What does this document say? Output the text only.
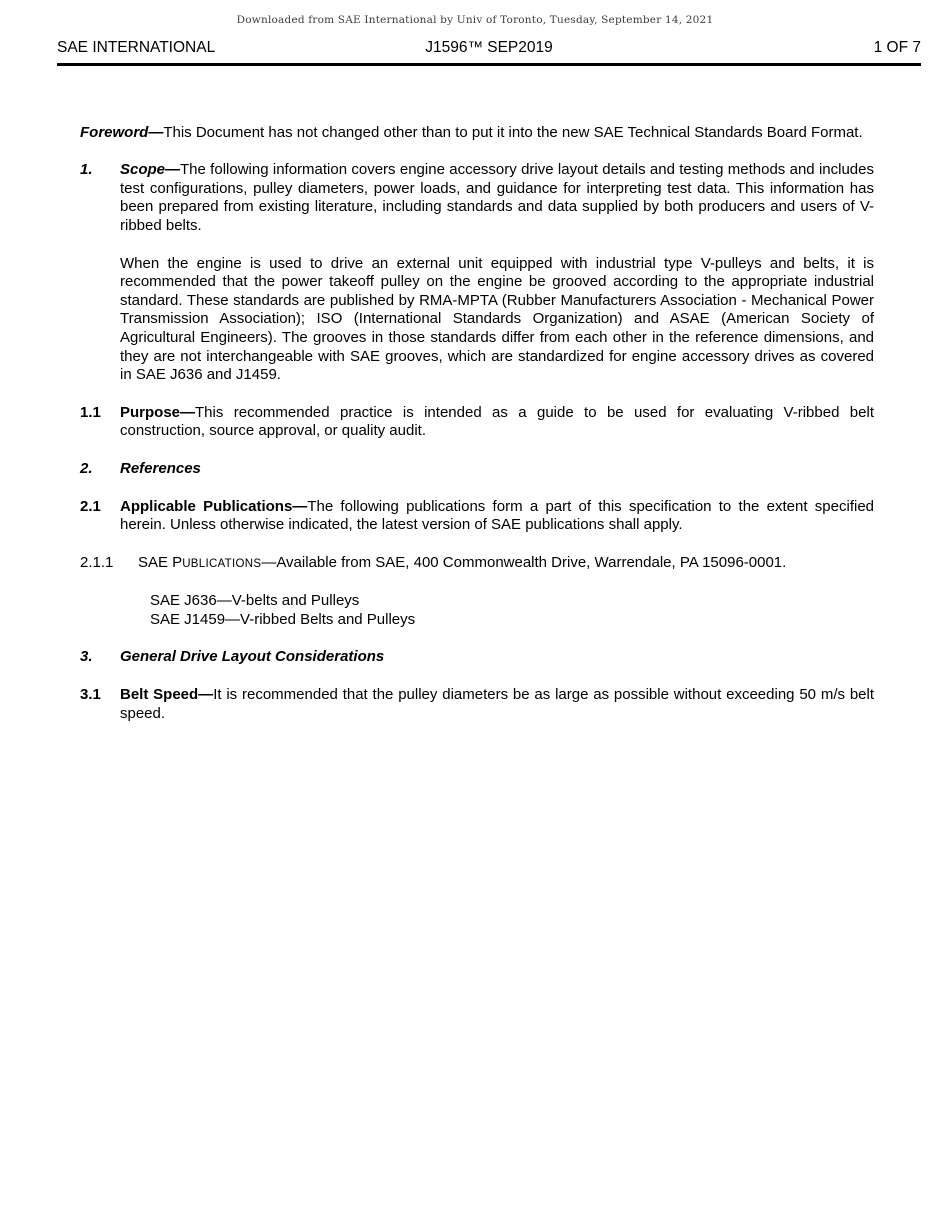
Downloaded from SAE International by Univ of Toronto, Tuesday, September 14, 2021
SAE INTERNATIONAL	J1596™ SEP2019	1 OF 7

Foreword—This Document has not changed other than to put it into the new SAE Technical Standards Board Format.

1.	Scope—The following information covers engine accessory drive layout details and testing methods and includes test configurations, pulley diameters, power loads, and guidance for interpreting test data. This information has been prepared from existing literature, including standards and data supplied by both producers and users of V-ribbed belts.
When the engine is used to drive an external unit equipped with industrial type V-pulleys and belts, it is recommended that the power takeoff pulley on the engine be grooved according to the appropriate industrial standard. These standards are published by RMA-MPTA (Rubber Manufacturers Association - Mechanical Power Transmission Association); ISO (International Standards Organization) and ASAE (American Society of Agricultural Engineers). The grooves in those standards differ from each other in the reference dimensions, and they are not interchangeable with SAE grooves, which are standardized for engine accessory drives as covered in SAE J636 and J1459.
1.1	Purpose—This recommended practice is intended as a guide to be used for evaluating V-ribbed belt construction, source approval, or quality audit.
2.	References
2.1	Applicable Publications—The following publications form a part of this specification to the extent specified herein. Unless otherwise indicated, the latest version of SAE publications shall apply.
2.1.1	SAE PUBLICATIONS—Available from SAE, 400 Commonwealth Drive, Warrendale, PA 15096-0001.
SAE J636—V-belts and Pulleys
SAE J1459—V-ribbed Belts and Pulleys
3.	General Drive Layout Considerations
3.1	Belt Speed—It is recommended that the pulley diameters be as large as possible without exceeding 50 m/s belt speed.
